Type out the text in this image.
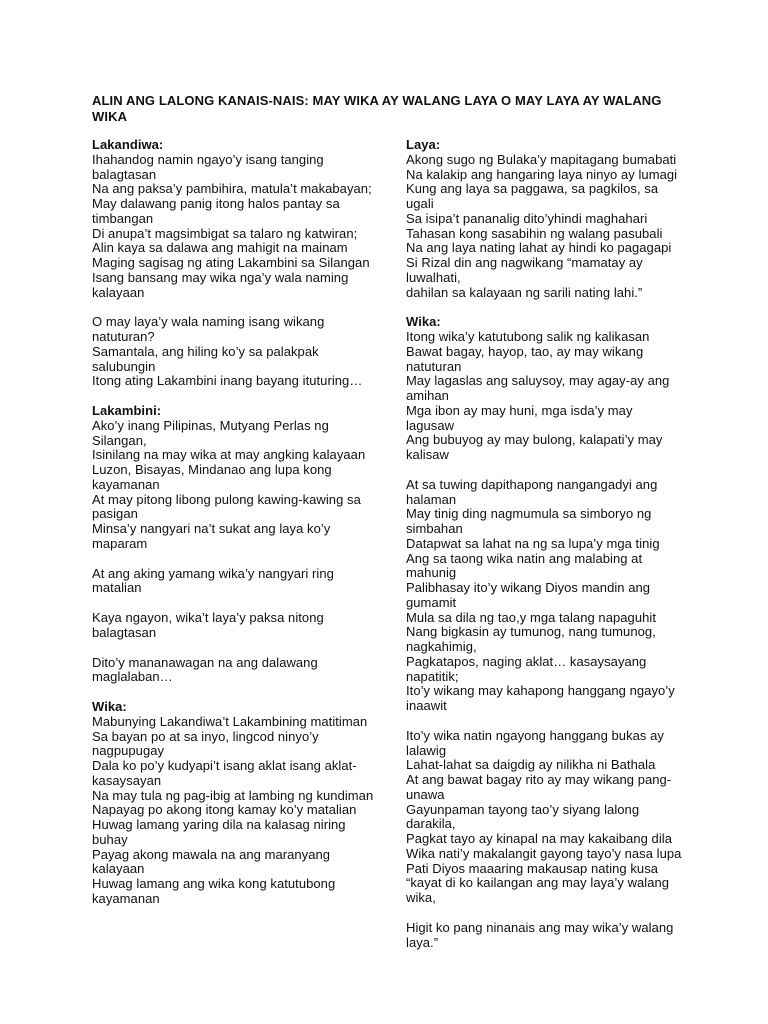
ALIN ANG LALONG KANAIS-NAIS: MAY WIKA AY WALANG LAYA O MAY LAYA AY WALANG WIKA

Lakandiwa:

Ihahandog namin ngayo’y isang tanging

balagtasan

Na ang paksa’y pambihira, matula’t makabayan;

May dalawang panig itong halos pantay sa

timbangan

Di anupa’t magsimbigat sa talaro ng katwiran;

Alin kaya sa dalawa ang mahigit na mainam

Maging sagisag ng ating Lakambini sa Silangan

Isang bansang may wika nga’y wala naming

kalayaan

O may laya’y wala naming isang wikang

natuturan?

Samantala, ang hiling ko’y sa palakpak

salubungin

Itong ating Lakambini inang bayang ituturing…

Lakambini:

Ako’y inang Pilipinas, Mutyang Perlas ng

Silangan,

Isinilang na may wika at may angking kalayaan

Luzon, Bisayas, Mindanao ang lupa kong

kayamanan

At may pitong libong pulong kawing-kawing sa

pasigan

Minsa’y nangyari na’t sukat ang laya ko’y

maparam

At ang aking yamang wika’y nangyari ring

matalian

Kaya ngayon, wika’t laya’y paksa nitong

balagtasan

Dito’y mananawagan na ang dalawang

maglalaban…

Wika:

Mabunying Lakandiwa’t Lakambining matitiman

Sa bayan po at sa inyo, lingcod ninyo’y

nagpupugay

Dala ko po’y kudyapi’t isang aklat isang aklat-

kasaysayan

Na may tula ng pag-ibig at lambing ng kundiman

Napayag po akong itong kamay ko’y matalian

Huwag lamang yaring dila na kalasag niring

buhay

Payag akong mawala na ang maranyang

kalayaan

Huwag lamang ang wika kong katutubong

kayamanan

Laya:

Akong sugo ng Bulaka’y mapitagang bumabati

Na kalakip ang hangaring laya ninyo ay lumagi

Kung ang laya sa paggawa, sa pagkilos, sa ugali

Sa isipa’t pananalig dito’yhindi maghahari

Tahasan kong sasabihin ng walang pasubali

Na ang laya nating lahat ay hindi ko pagagapi

Si Rizal din ang nagwikang “mamatay ay

luwalhati,

dahilan sa kalayaan ng sarili nating lahi.”

Wika:

Itong wika’y katutubong salik ng kalikasan

Bawat bagay, hayop, tao, ay may wikang

natuturan

May lagaslas ang saluysoy, may agay-ay ang

amihan

Mga ibon ay may huni, mga isda’y may lagusaw

Ang bubuyog ay may bulong, kalapati’y may

kalisaw

At sa tuwing dapithapong nangangadyi ang

halaman

May tinig ding nagmumula sa simboryo ng

simbahan

Datapwat sa lahat na ng sa lupa’y mga tinig

Ang sa taong wika natin ang malabing at

mahunig

Palibhasay ito’y wikang Diyos mandin ang

gumamit

Mula sa dila ng tao,y mga talang napaguhit

Nang bigkasin ay tumunog, nang tumunog,

nagkahimig,

Pagkatapos, naging aklat… kasaysayang

napatitik;

Ito’y wikang may kahapong hanggang ngayo’y

inaawit

Ito’y wika natin ngayong hanggang bukas ay

lalawig

Lahat-lahat sa daigdig ay nilikha ni Bathala

At ang bawat bagay rito ay may wikang pang-

unawa

Gayunpaman tayong tao’y siyang lalong

darakila,

Pagkat tayo ay kinapal na may kakaibang dila

Wika nati’y makalangit gayong tayo’y nasa lupa

Pati Diyos maaaring makausap nating kusa

“kayat di ko kailangan ang may laya’y walang

wika,

Higit ko pang ninanais ang may wika’y walang

laya.”
